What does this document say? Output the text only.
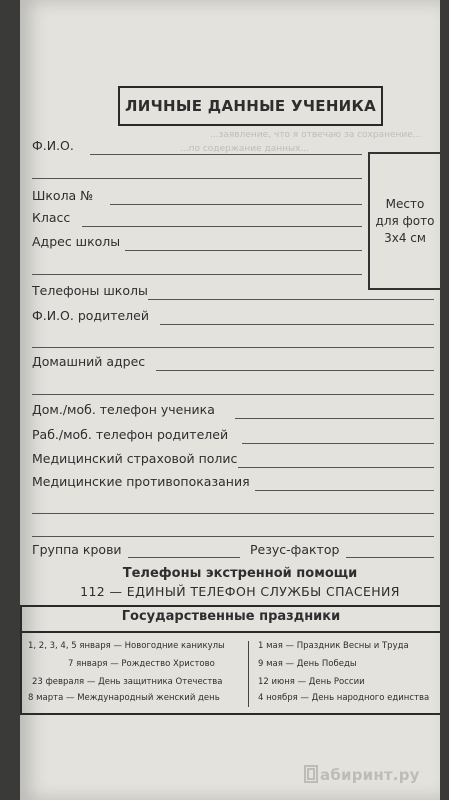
ЛИЧНЫЕ ДАННЫЕ УЧЕНИКА
...заявление, что я отвечаю за сохранение...
...по содержание данных...
Место
для фото
3x4 см
Ф.И.О.
Школа №
Класс
Адрес школы
Телефоны школы
Ф.И.О. родителей
Домашний адрес
Дом./моб. телефон ученика
Раб./моб. телефон родителей
Медицинский страховой полис
Медицинские противопоказания
Группа крови	Резус-фактор
Телефоны экстренной помощи
112 — ЕДИНЫЙ ТЕЛЕФОН СЛУЖБЫ СПАСЕНИЯ
Государственные праздники
1, 2, 3, 4, 5 января — Новогодние каникулы
7 января — Рождество Христово
23 февраля — День защитника Отечества
8 марта — Международный женский день
1 мая — Праздник Весны и Труда
9 мая — День Победы
12 июня — День России
4 ноября — День народного единства
абиринт.ру
